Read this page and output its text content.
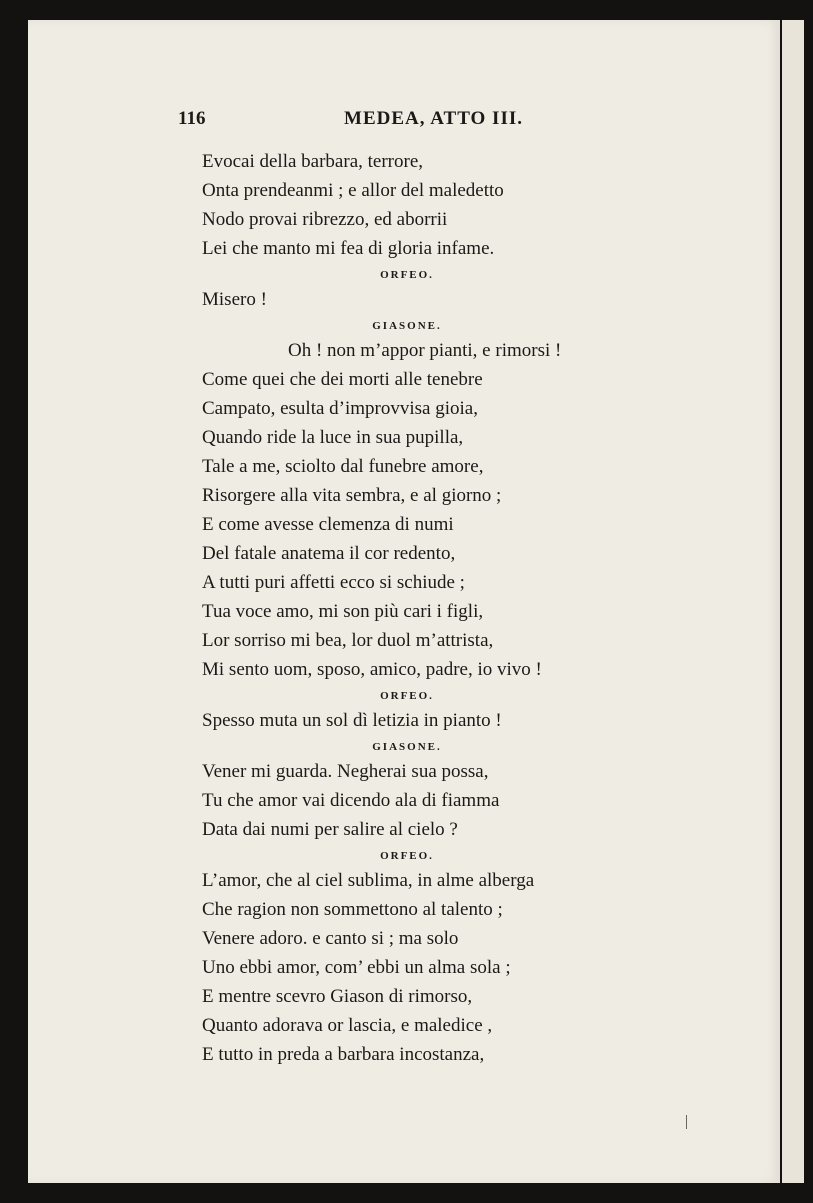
116	MEDEA, ATTO III.
Evocai della barbara, terrore,
Onta prendeanmi ; e allor del maledetto
Nodo provai ribrezzo, ed aborrii
Lei che manto mi fea di gloria infame.
ORFEO.
Misero !
GIASONE.
Oh ! non m’appor pianti, e rimorsi !
Come quei che dei morti alle tenebre
Campato, esulta d’improvvisa gioia,
Quando ride la luce in sua pupilla,
Tale a me, sciolto dal funebre amore,
Risorgere alla vita sembra, e al giorno ;
E come avesse clemenza di numi
Del fatale anatema il cor redento,
A tutti puri affetti ecco si schiude ;
Tua voce amo, mi son più cari i figli,
Lor sorriso mi bea, lor duol m’attrista,
Mi sento uom, sposo, amico, padre, io vivo !
ORFEO.
Spesso muta un sol dì letizia in pianto !
GIASONE.
Vener mi guarda. Negherai sua possa,
Tu che amor vai dicendo ala di fiamma
Data dai numi per salire al cielo ?
ORFEO.
L’amor, che al ciel sublima, in alme alberga
Che ragion non sommettono al talento ;
Venere adoro. e canto si ; ma solo
Uno ebbi amor, com’ ebbi un alma sola ;
E mentre scevro Giason di rimorso,
Quanto adorava or lascia, e maledice ,
E tutto in preda a barbara incostanza,
